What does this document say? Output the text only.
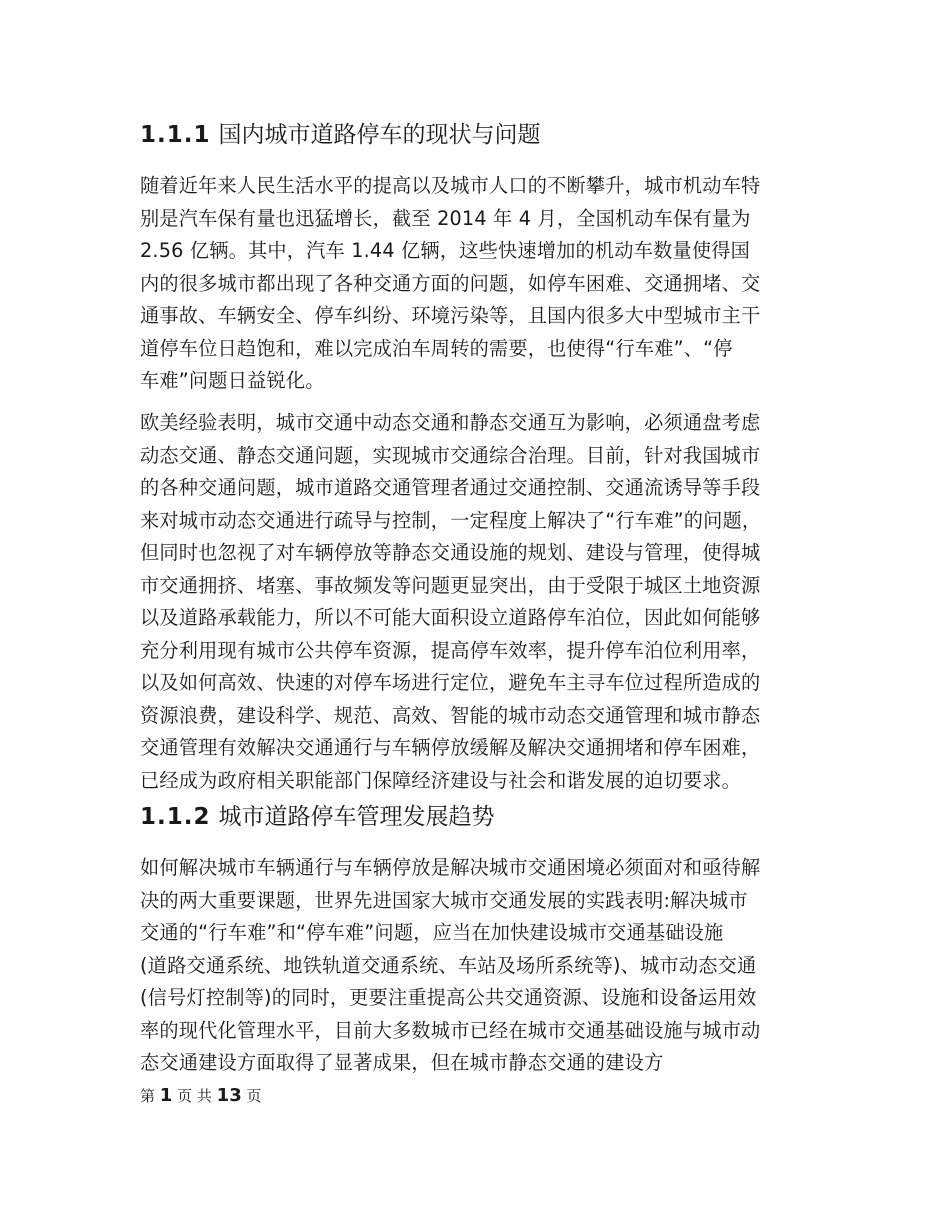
1.1.1 国内城市道路停车的现状与问题
随着近年来人民生活水平的提高以及城市人口的不断攀升，城市机动车特
别是汽车保有量也迅猛增长，截至 2014 年 4 月，全国机动车保有量为
2.56 亿辆。其中，汽车 1.44 亿辆，这些快速增加的机动车数量使得国
内的很多城市都出现了各种交通方面的问题，如停车困难、交通拥堵、交
通事故、车辆安全、停车纠纷、环境污染等，且国内很多大中型城市主干
道停车位日趋饱和，难以完成泊车周转的需要，也使得“行车难”、“停
车难”问题日益锐化。
欧美经验表明，城市交通中动态交通和静态交通互为影响，必须通盘考虑
动态交通、静态交通问题，实现城市交通综合治理。目前，针对我国城市
的各种交通问题，城市道路交通管理者通过交通控制、交通流诱导等手段
来对城市动态交通进行疏导与控制，一定程度上解决了“行车难”的问题，
但同时也忽视了对车辆停放等静态交通设施的规划、建设与管理，使得城
市交通拥挤、堵塞、事故频发等问题更显突出，由于受限于城区土地资源
以及道路承载能力，所以不可能大面积设立道路停车泊位，因此如何能够
充分利用现有城市公共停车资源，提高停车效率，提升停车泊位利用率，
以及如何高效、快速的对停车场进行定位，避免车主寻车位过程所造成的
资源浪费，建设科学、规范、高效、智能的城市动态交通管理和城市静态
交通管理有效解决交通通行与车辆停放缓解及解决交通拥堵和停车困难，
已经成为政府相关职能部门保障经济建设与社会和谐发展的迫切要求。
1.1.2 城市道路停车管理发展趋势
如何解决城市车辆通行与车辆停放是解决城市交通困境必须面对和亟待解
决的两大重要课题，世界先进国家大城市交通发展的实践表明:解决城市
交通的“行车难”和“停车难”问题，应当在加快建设城市交通基础设施
(道路交通系统、地铁轨道交通系统、车站及场所系统等)、城市动态交通
(信号灯控制等)的同时，更要注重提高公共交通资源、设施和设备运用效
率的现代化管理水平，目前大多数城市已经在城市交通基础设施与城市动
态交通建设方面取得了显著成果，但在城市静态交通的建设方
第 1 页 共 13 页
